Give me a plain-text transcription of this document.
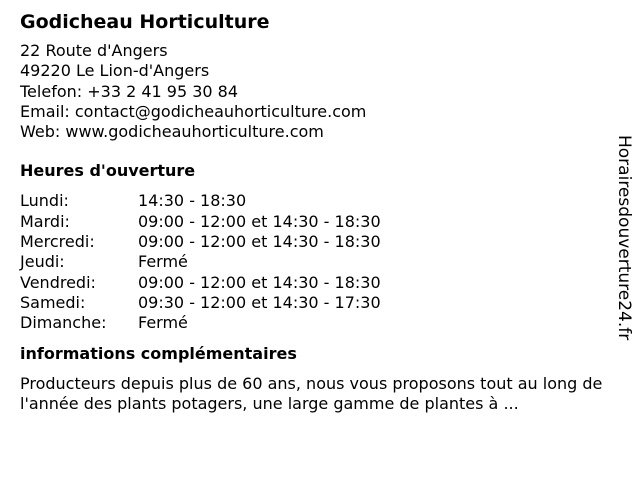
Godicheau Horticulture
22 Route d'Angers
49220 Le Lion-d'Angers
Telefon: +33 2 41 95 30 84
Email: contact@godicheauhorticulture.com
Web: www.godicheauhorticulture.com
Heures d'ouverture
Lundi:	14:30 - 18:30
Mardi:	09:00 - 12:00 et 14:30 - 18:30
Mercredi:	09:00 - 12:00 et 14:30 - 18:30
Jeudi:	Fermé
Vendredi:	09:00 - 12:00 et 14:30 - 18:30
Samedi:	09:30 - 12:00 et 14:30 - 17:30
Dimanche:	Fermé
informations complémentaires
Producteurs depuis plus de 60 ans, nous vous proposons tout au long de l'année des plants potagers, une large gamme de plantes à ...
Horairesdouverture24.fr
